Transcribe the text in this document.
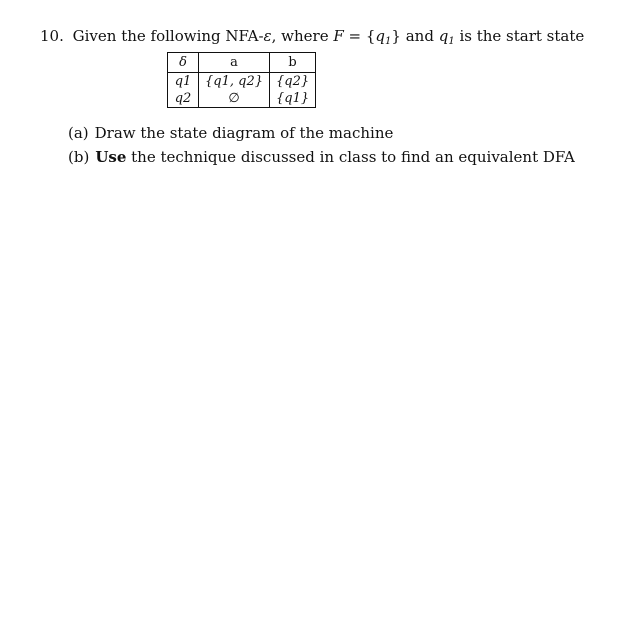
10. Given the following NFA-ε, where $F = \{q_1\}$ and $q_1$ is the start state
δ	a	b
q1	{q1, q2}	{q2}
q2	∅	{q1}
(a) Draw the state diagram of the machine
(b) Use the technique discussed in class to find an equivalent DFA
